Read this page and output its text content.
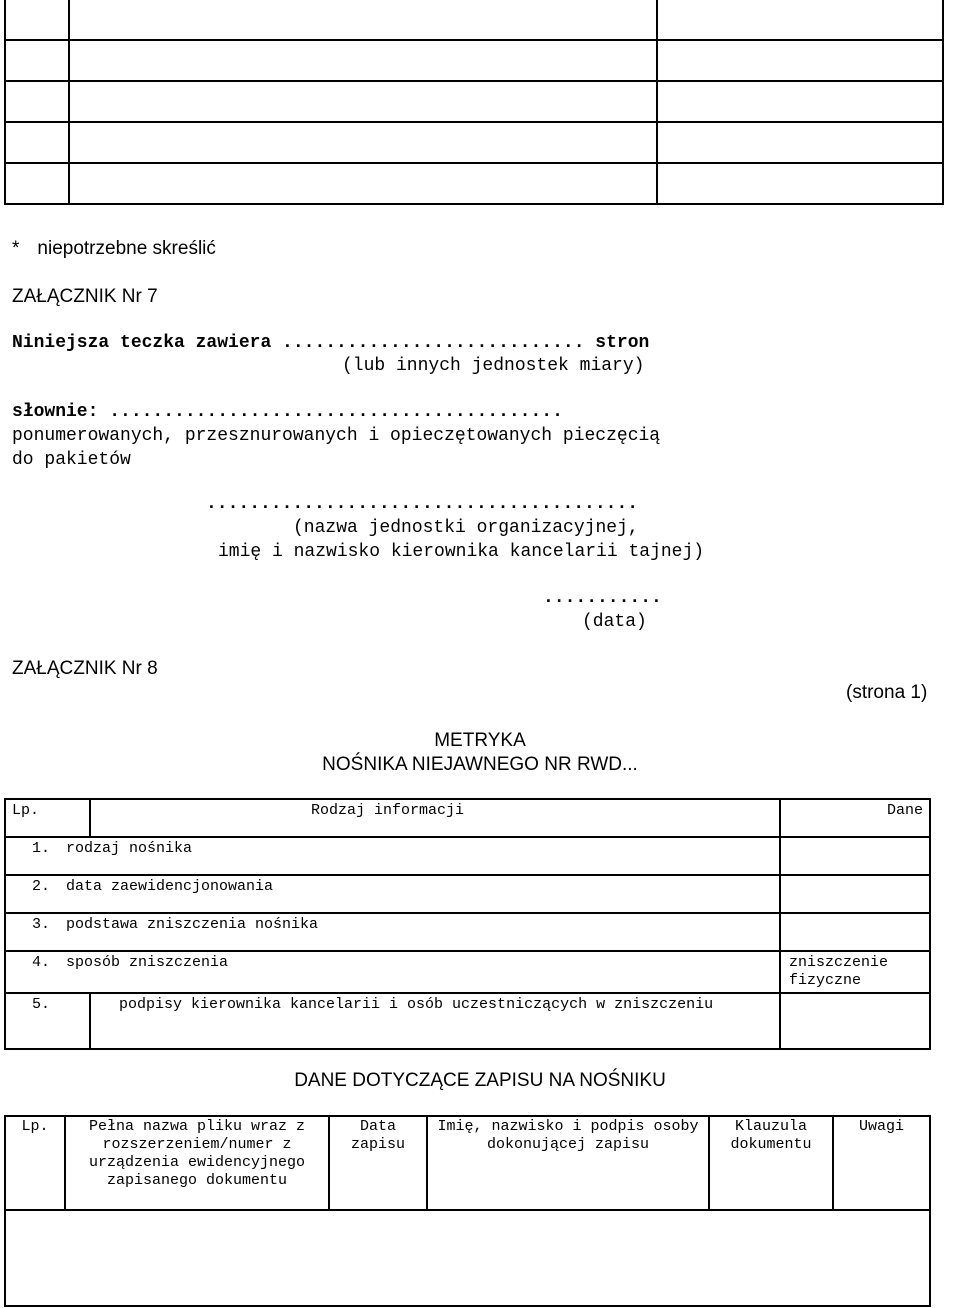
* niepotrzebne skreślić
ZAŁĄCZNIK Nr 7
Niniejsza teczka zawiera ............................ stron
(lub innych jednostek miary)
słownie: ..........................................
ponumerowanych, przesznurowanych i opieczętowanych pieczęcią
do pakietów
........................................
(nazwa jednostki organizacyjnej,
imię i nazwisko kierownika kancelarii tajnej)
...........
(data)
ZAŁĄCZNIK Nr 8
(strona 1)
METRYKA
NOŚNIKA NIEJAWNEGO NR RWD...
Lp.	Rodzaj informacji	Dane
1. rodzaj nośnika		
2. data zaewidencjonowania		
3. podstawa zniszczenia nośnika		
4. sposób zniszczenia		zniszczenie fizyczne
5.	podpisy kierownika kancelarii i osób uczestniczących w zniszczeniu	

DANE DOTYCZĄCE ZAPISU NA NOŚNIKU
Lp.	Pełna nazwa pliku wraz z rozszerzeniem/numer z urządzenia ewidencyjnego zapisanego dokumentu	Data zapisu	Imię, nazwisko i podpis osoby dokonującej zapisu	Klauzula dokumentu	Uwagi
